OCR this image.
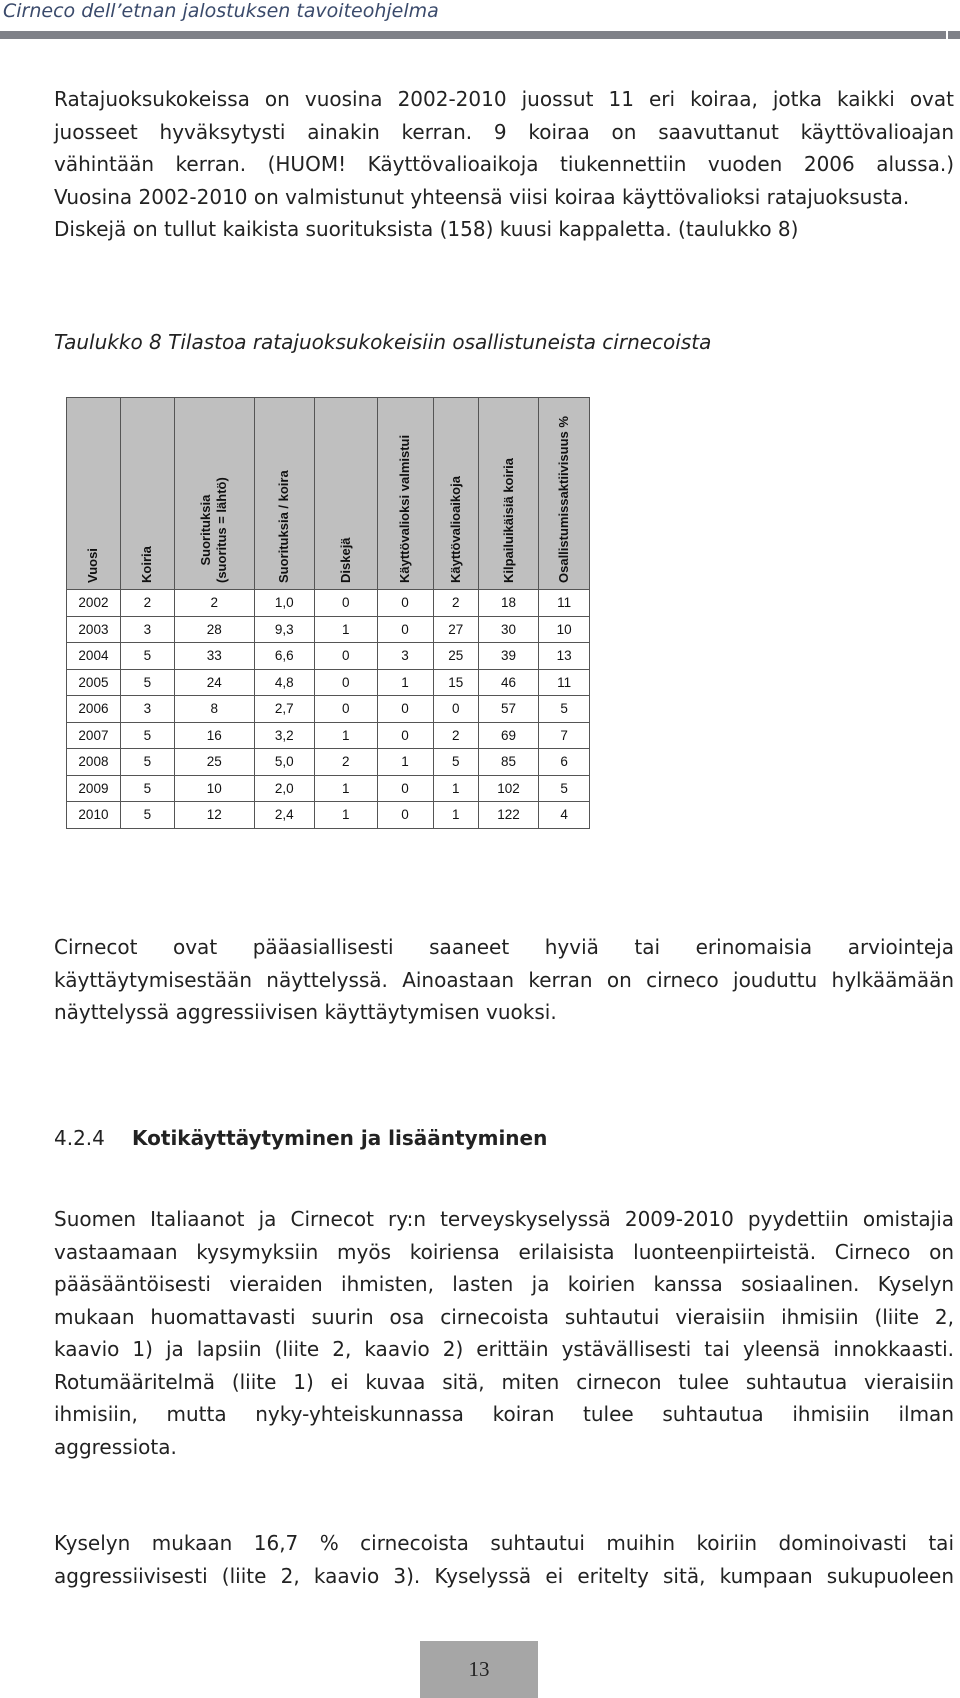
Cirneco dell’etnan jalostuksen tavoiteohjelma
Ratajuoksukokeissa on vuosina 2002-2010 juossut 11 eri koiraa, jotka kaikki ovat
juosseet hyväksytysti ainakin kerran. 9 koiraa on saavuttanut käyttövalioajan
vähintään kerran. (HUOM! Käyttövalioaikoja tiukennettiin vuoden 2006 alussa.)
Vuosina 2002-2010 on valmistunut yhteensä viisi koiraa käyttövalioksi ratajuoksusta.
Diskejä on tullut kaikista suorituksista (158) kuusi kappaletta. (taulukko 8)
Taulukko 8 Tilastoa ratajuoksukokeisiin osallistuneista cirnecoista
Vuosi	Koiria	Suorituksia (suoritus = lähtö)	Suorituksia / koira	Diskejä	Käyttövalioksi valmistui	Käyttövalioaikoja	Kilpailuikäisiä koiria	Osallistumissaktiivisuus %

2002	2	2	1,0	0	0	2	18	11
2003	3	28	9,3	1	0	27	30	10
2004	5	33	6,6	0	3	25	39	13
2005	5	24	4,8	0	1	15	46	11
2006	3	8	2,7	0	0	0	57	5
2007	5	16	3,2	1	0	2	69	7
2008	5	25	5,0	2	1	5	85	6
2009	5	10	2,0	1	0	1	102	5
2010	5	12	2,4	1	0	1	122	4
Cirnecot ovat pääasiallisesti saaneet hyviä tai erinomaisia arviointeja
käyttäytymisestään näyttelyssä. Ainoastaan kerran on cirneco jouduttu hylkäämään
näyttelyssä aggressiivisen käyttäytymisen vuoksi.
4.2.4 Kotikäyttäytyminen ja lisääntyminen
Suomen Italiaanot ja Cirnecot ry:n terveyskyselyssä 2009-2010 pyydettiin omistajia
vastaamaan kysymyksiin myös koiriensa erilaisista luonteenpiirteistä. Cirneco on
pääsääntöisesti vieraiden ihmisten, lasten ja koirien kanssa sosiaalinen. Kyselyn
mukaan huomattavasti suurin osa cirnecoista suhtautui vieraisiin ihmisiin (liite 2,
kaavio 1) ja lapsiin (liite 2, kaavio 2) erittäin ystävällisesti tai yleensä innokkaasti.
Rotumääritelmä (liite 1) ei kuvaa sitä, miten cirnecon tulee suhtautua vieraisiin
ihmisiin, mutta nyky-yhteiskunnassa koiran tulee suhtautua ihmisiin ilman
aggressiota.
Kyselyn mukaan 16,7 % cirnecoista suhtautui muihin koiriin dominoivasti tai
aggressiivisesti (liite 2, kaavio 3). Kyselyssä ei eritelty sitä, kumpaan sukupuoleen
13
